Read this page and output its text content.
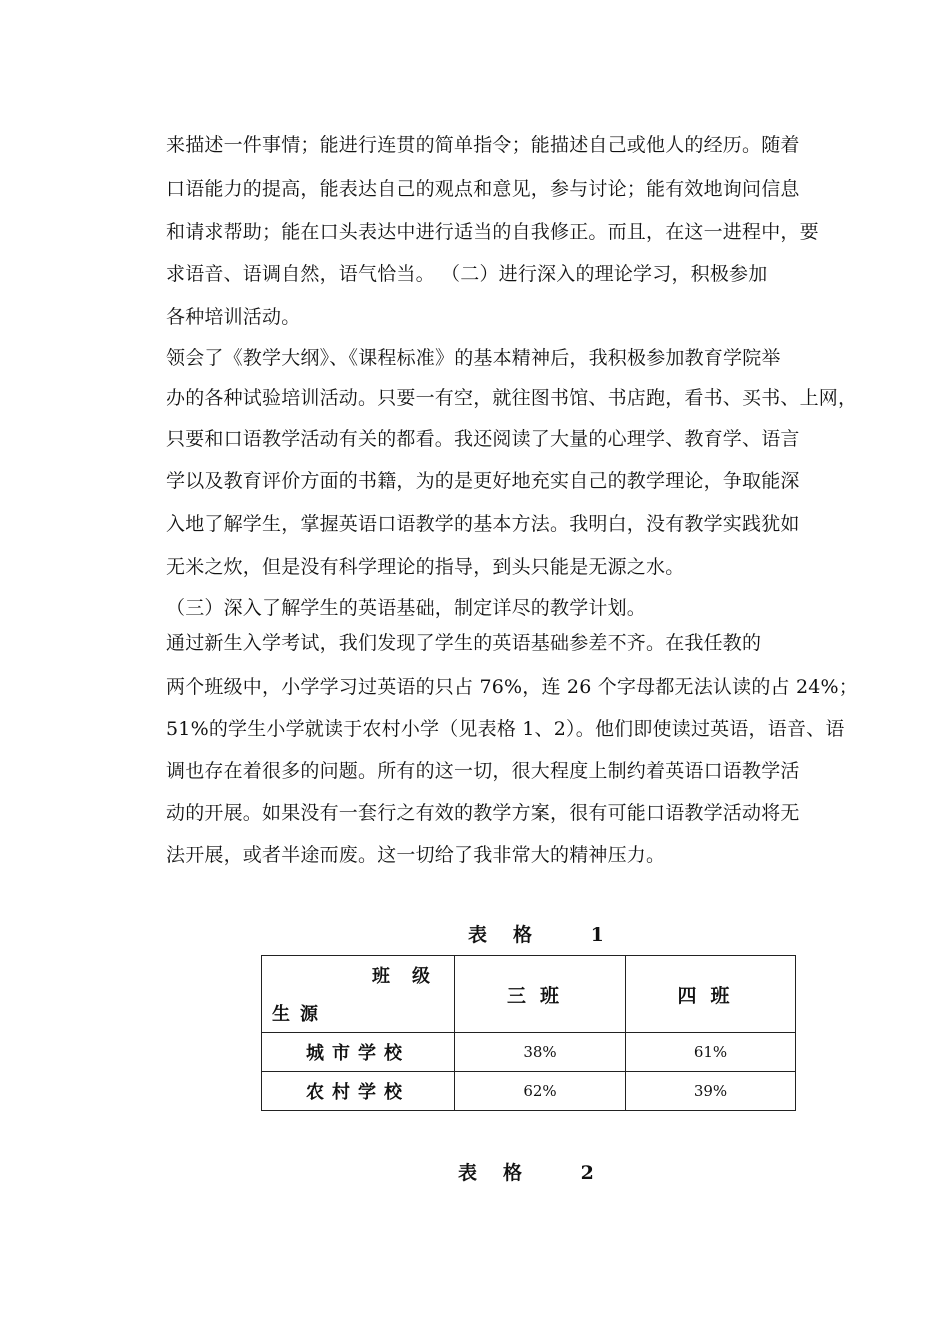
来描述一件事情；能进行连贯的简单指令；能描述自己或他人的经历。随着
口语能力的提高，能表达自己的观点和意见，参与讨论；能有效地询问信息
和请求帮助；能在口头表达中进行适当的自我修正。而且，在这一进程中，要
求语音、语调自然，语气恰当。 （二）进行深入的理论学习，积极参加
各种培训活动。
领会了《教学大纲》、《课程标准》的基本精神后，我积极参加教育学院举
办的各种试验培训活动。只要一有空，就往图书馆、书店跑，看书、买书、上网，
只要和口语教学活动有关的都看。我还阅读了大量的心理学、教育学、语言
学以及教育评价方面的书籍，为的是更好地充实自己的教学理论，争取能深
入地了解学生，掌握英语口语教学的基本方法。我明白，没有教学实践犹如
无米之炊，但是没有科学理论的指导，到头只能是无源之水。
（三）深入了解学生的英语基础，制定详尽的教学计划。
通过新生入学考试，我们发现了学生的英语基础参差不齐。在我任教的
两个班级中，小学学习过英语的只占 76%，连 26 个字母都无法认读的占 24%；
51%的学生小学就读于农村小学（见表格 1、2）。他们即使读过英语，语音、语
调也存在着很多的问题。所有的这一切，很大程度上制约着英语口语教学活
动的开展。如果没有一套行之有效的教学方案，很有可能口语教学活动将无
法开展，或者半途而废。这一切给了我非常大的精神压力。
表格 1
班级
生源	三班	四班
城市学校	38%	61%
农村学校	62%	39%
表格 2
